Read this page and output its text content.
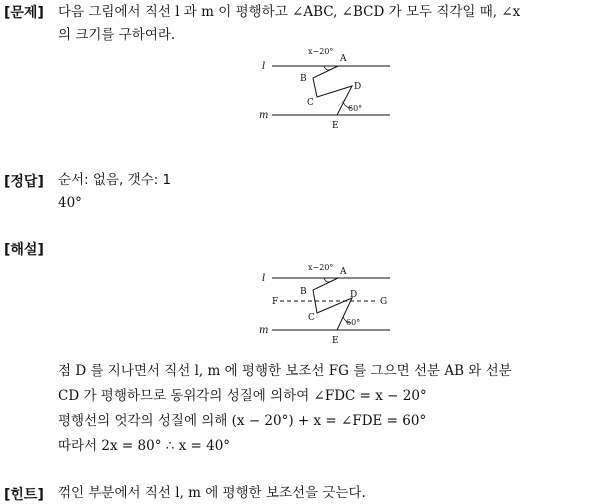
[문제] 다음 그림에서 직선 l 과 m 이 평행하고 ∠ABC, ∠BCD 가 모두 직각일 때, ∠x
의 크기를 구하여라.
l
m
x−20°
A
B
C
D
60°
E
[정답] 순서: 없음, 갯수: 1
40°
[해설]
l
m
x−20° A
B
F	G
D
C	60°
E
점 D 를 지나면서 직선 l, m 에 평행한 보조선 FG 를 그으면 선분 AB 와 선분
CD 가 평행하므로 동위각의 성질에 의하여 ∠FDC = x − 20°
평행선의 엇각의 성질에 의해 (x − 20°) + x = ∠FDE = 60°
따라서 2x = 80° ∴ x = 40°
[힌트] 꺾인 부분에서 직선 l, m 에 평행한 보조선을 긋는다.
